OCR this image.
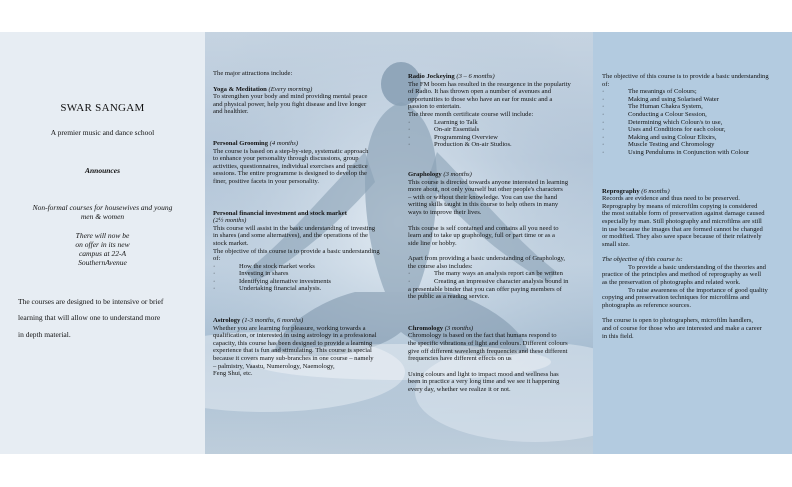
SWAR SANGAM
A premier music and dance school
Announces
Non-formal courses for housewives and young
men & women
There will now be
on offer in its new
campus at 22-A
SouthernAvenue

The courses are designed to be intensive or brief

learning that will allow one to understand more

in depth material.

The major attractions include:

Yoga & Meditation (Every morning)

To strengthen your body and mind providing mental peace

and physical power, help you fight disease and live longer

and healthier.

Personal Grooming (4 months)

The course is based on a step-by-step, systematic approach

to enhance your personality through discussions, group

activities, questionnaires, individual exercises and practice

sessions. The entire programme is designed to develop the

finer, positive facets in your personality.

Personal financial investment and stock market

(2½ months)

This course will assist in the basic understanding of investing

in shares (and some alternatives), and the operations of the

stock market.

The objective of this course is to provide a basic understanding

of:

·	How the stock market works
·	Investing in shares
·	Identifying alternative investments
·	Undertaking financial analysis.

Astrology (1-3 months, 6 months)

Whether you are learning for pleasure, working towards a

qualification, or interested in using astrology in a professional

capacity, this course has been designed to provide a learning

experience that is fun and stimulating. This course is special

because it covers many sub-branches in one course – namely

– palmistry, Vaastu, Numerology, Naemology,

Feng Shui, etc.

Radio Jockeying (3 – 6 months)

The FM boom has resulted in the resurgence in the popularity

of Radio. It has thrown open a number of avenues and

opportunities to those who have an ear for music and a

passion to entertain.

The three month certificate course will include:

·	Learning to Talk
·	On-air Essentials
·	Programming Overview
·	Production & On-air Studios.

Graphology (3 months)

This course is directed towards anyone interested in learning

more about, not only yourself but other people's characters

– with or without their knowledge. You can use the hand

writing skills taught in this course to help others in many

ways to improve their lives.

This course is self contained and contains all you need to

learn and to take up graphology, full or part time or as a

side line or hobby.

Apart from providing a basic understanding of Graphology,

the course also includes:

·	The many ways an analysis report can be written
·	Creating an impressive character analysis bound in

a presentable binder that you can offer paying members of

the public as a reading service.

Chromology (3 months)

Chromology is based on the fact that humans respond to

the specific vibrations of light and colours. Different colours

give off different wavelength frequencies and these different

frequencies have different effects on us

Using colours and light to impact mood and wellness has

been in practice a very long time and we see it happening

every day, whether we realize it or not.

The objective of this course is to provide a basic understanding

of:

·	The meanings of Colours;
·	Making and using Solarised Water
·	The Human Chakra System,
·	Conducting a Colour Session,
·	Determining which Colour/s to use,
·	Uses and Conditions for each colour,
·	Making and using Colour Elixirs,
·	Muscle Testing and Chromology
·	Using Pendulums in Conjunction with Colour

Reprography (6 months)

Records are evidence and thus need to be preserved.

Reprography by means of microfilm copying is considered

the most suitable form of preservation against damage caused

especially by man. Still photography and microfilms are still

in use because the images that are formed cannot be changed

or modified. They also save space because of their relatively

small size.

The objective of this course is:

To provide a basic understanding of the theories and

practice of the principles and method of reprography as well

as the preservation of photographs and related work.

To raise awareness of the importance of good quality

copying and preservation techniques for microfilms and

photographs as reference sources.

The course is open to photographers, microfilm handlers,

and of course for those who are interested and make a career

in this field.
